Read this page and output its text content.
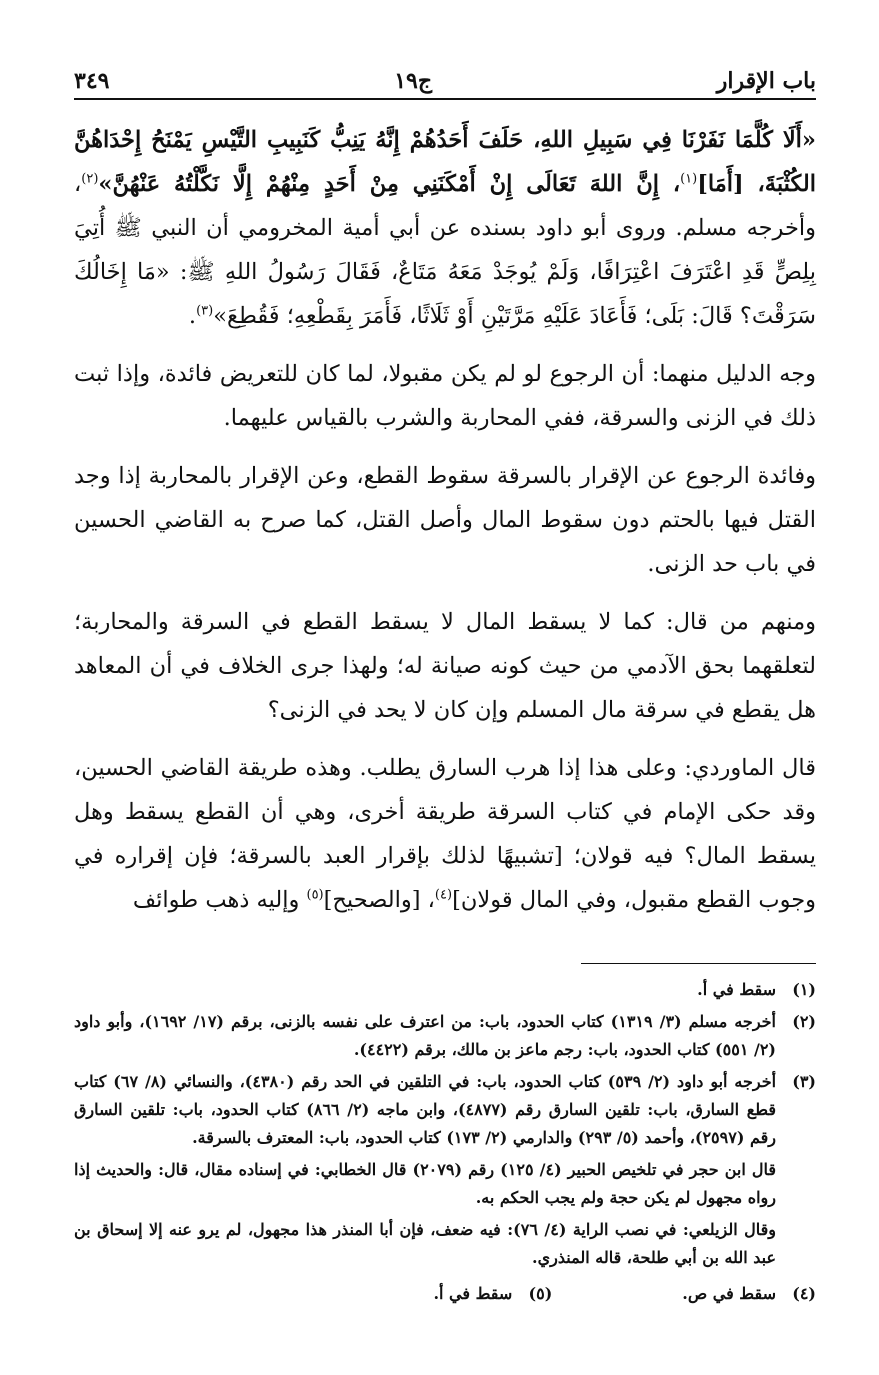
باب الإقرار
ج١٩
٣٤٩

«أَلَا كُلَّمَا نَفَرْنَا فِي سَبِيلِ اللهِ، حَلَفَ أَحَدُهُمْ إِنَّهُ يَنِبُّ كَنَبِيبِ التَّيْسِ يَمْنَحُ إِحْدَاهُنَّ الكُثْبَةَ، [أَمَا]$^{(١)}$، إِنَّ اللهَ تَعَالَى إِنْ أَمْكَنَنِي مِنْ أَحَدٍ مِنْهُمْ إِلَّا نَكَّلْتُهُ عَنْهُنَّ»$^{(٢)}$، وأخرجه مسلم. وروى أبو داود بسنده عن أبي أمية المخرومي أن النبي ﷺ أُتِيَ بِلِصٍّ قَدِ اعْتَرَفَ اعْتِرَافًا، وَلَمْ يُوجَدْ مَعَهُ مَتَاعٌ، فَقَالَ رَسُولُ اللهِ ﷺ: «مَا إِخَالُكَ سَرَقْتَ؟ قَالَ: بَلَى؛ فَأَعَادَ عَلَيْهِ مَرَّتَيْنِ أَوْ ثَلَاثًا، فَأَمَرَ بِقَطْعِهِ؛ فَقُطِعَ»$^{(٣)}$.

وجه الدليل منهما: أن الرجوع لو لم يكن مقبولا، لما كان للتعريض فائدة، وإذا ثبت ذلك في الزنى والسرقة، ففي المحاربة والشرب بالقياس عليهما.

وفائدة الرجوع عن الإقرار بالسرقة سقوط القطع، وعن الإقرار بالمحاربة إذا وجد القتل فيها بالحتم دون سقوط المال وأصل القتل، كما صرح به القاضي الحسين في باب حد الزنى.

ومنهم من قال: كما لا يسقط المال لا يسقط القطع في السرقة والمحاربة؛ لتعلقهما بحق الآدمي من حيث كونه صيانة له؛ ولهذا جرى الخلاف في أن المعاهد هل يقطع في سرقة مال المسلم وإن كان لا يحد في الزنى؟

قال الماوردي: وعلى هذا إذا هرب السارق يطلب. وهذه طريقة القاضي الحسين، وقد حكى الإمام في كتاب السرقة طريقة أخرى، وهي أن القطع يسقط وهل يسقط المال؟ فيه قولان؛ [تشبيهًا لذلك بإقرار العبد بالسرقة؛ فإن إقراره في وجوب القطع مقبول، وفي المال قولان]$^{(٤)}$، [والصحيح]$^{(٥)}$ وإليه ذهب طوائف

(١)
سقط في أ.
(٢)
أخرجه مسلم (٣/ ١٣١٩) كتاب الحدود، باب: من اعترف على نفسه بالزنى، برقم (١٧/ ١٦٩٢)، وأبو داود (٢/ ٥٥١) كتاب الحدود، باب: رجم ماعز بن مالك، برقم (٤٤٢٢).
(٣)

أخرجه أبو داود (٢/ ٥٣٩) كتاب الحدود، باب: في التلقين في الحد رقم (٤٣٨٠)، والنسائي (٨/ ٦٧) كتاب قطع السارق، باب: تلقين السارق رقم (٤٨٧٧)، وابن ماجه (٢/ ٨٦٦) كتاب الحدود، باب: تلقين السارق رقم (٢٥٩٧)، وأحمد (٥/ ٢٩٣) والدارمي (٢/ ١٧٣) كتاب الحدود، باب: المعترف بالسرقة.

قال ابن حجر في تلخيص الحبير (٤/ ١٢٥) رقم (٢٠٧٩) قال الخطابي: في إسناده مقال، قال: والحديث إذا رواه مجهول لم يكن حجة ولم يجب الحكم به.

وقال الزيلعي: في نصب الراية (٤/ ٧٦): فيه ضعف، فإن أبا المنذر هذا مجهول، لم يرو عنه إلا إسحاق بن عبد الله بن أبي طلحة، قاله المنذري.

(٤)
سقط في ص.
(٥)
سقط في أ.
